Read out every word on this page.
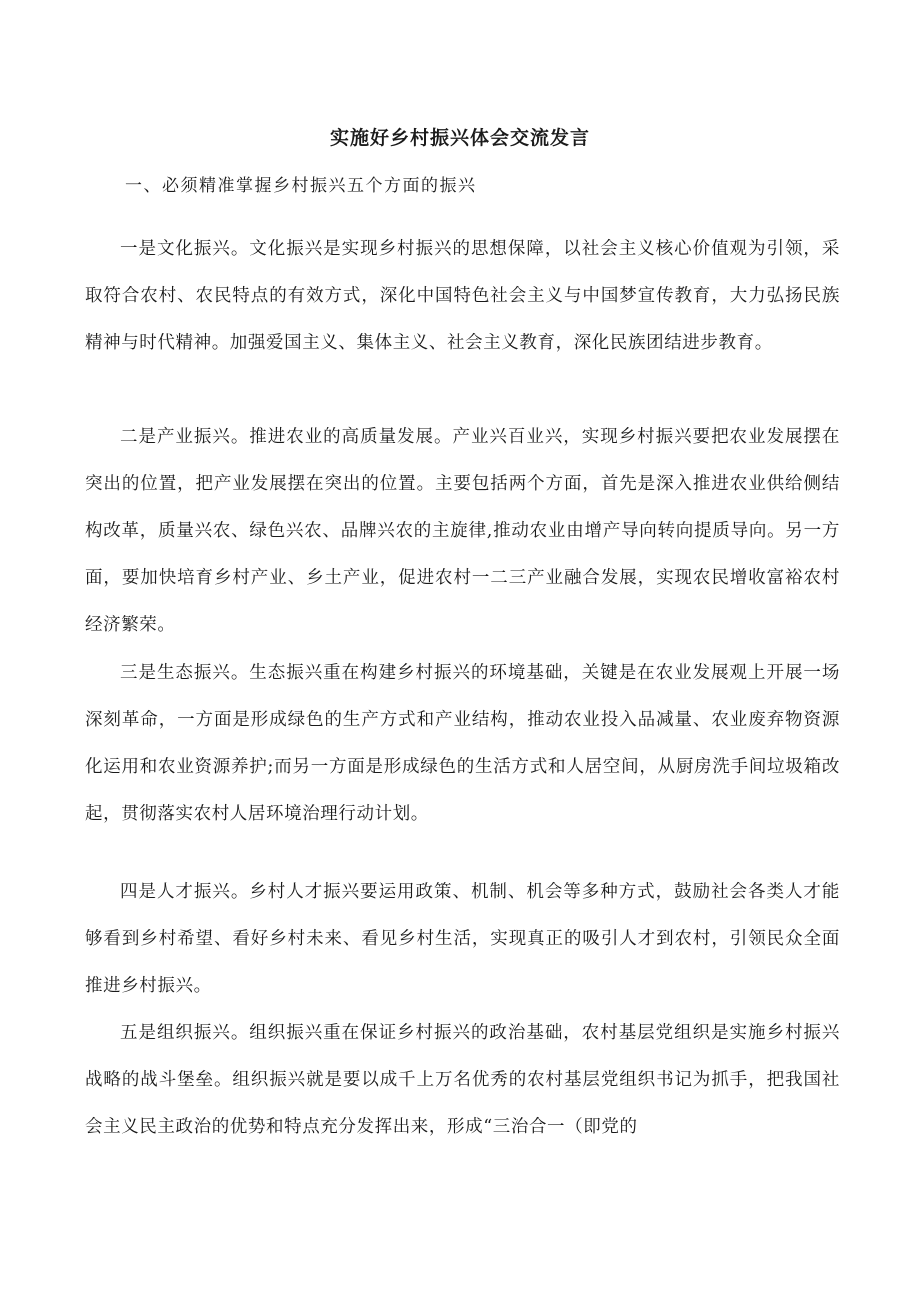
实施好乡村振兴体会交流发言

一、必须精准掌握乡村振兴五个方面的振兴

一是文化振兴。文化振兴是实现乡村振兴的思想保障，以社会主义核心价值观为引领，采取符合农村、农民特点的有效方式，深化中国特色社会主义与中国梦宣传教育，大力弘扬民族精神与时代精神。加强爱国主义、集体主义、社会主义教育，深化民族团结进步教育。

二是产业振兴。推进农业的高质量发展。产业兴百业兴，实现乡村振兴要把农业发展摆在突出的位置，把产业发展摆在突出的位置。主要包括两个方面，首先是深入推进农业供给侧结构改革，质量兴农、绿色兴农、品牌兴农的主旋律,推动农业由增产导向转向提质导向。另一方面，要加快培育乡村产业、乡土产业，促进农村一二三产业融合发展，实现农民增收富裕农村经济繁荣。

三是生态振兴。生态振兴重在构建乡村振兴的环境基础，关键是在农业发展观上开展一场深刻革命，一方面是形成绿色的生产方式和产业结构，推动农业投入品减量、农业废弃物资源化运用和农业资源养护;而另一方面是形成绿色的生活方式和人居空间，从厨房洗手间垃圾箱改起，贯彻落实农村人居环境治理行动计划。

四是人才振兴。乡村人才振兴要运用政策、机制、机会等多种方式，鼓励社会各类人才能够看到乡村希望、看好乡村未来、看见乡村生活，实现真正的吸引人才到农村，引领民众全面推进乡村振兴。

五是组织振兴。组织振兴重在保证乡村振兴的政治基础，农村基层党组织是实施乡村振兴战略的战斗堡垒。组织振兴就是要以成千上万名优秀的农村基层党组织书记为抓手，把我国社会主义民主政治的优势和特点充分发挥出来，形成“三治合一（即党的
